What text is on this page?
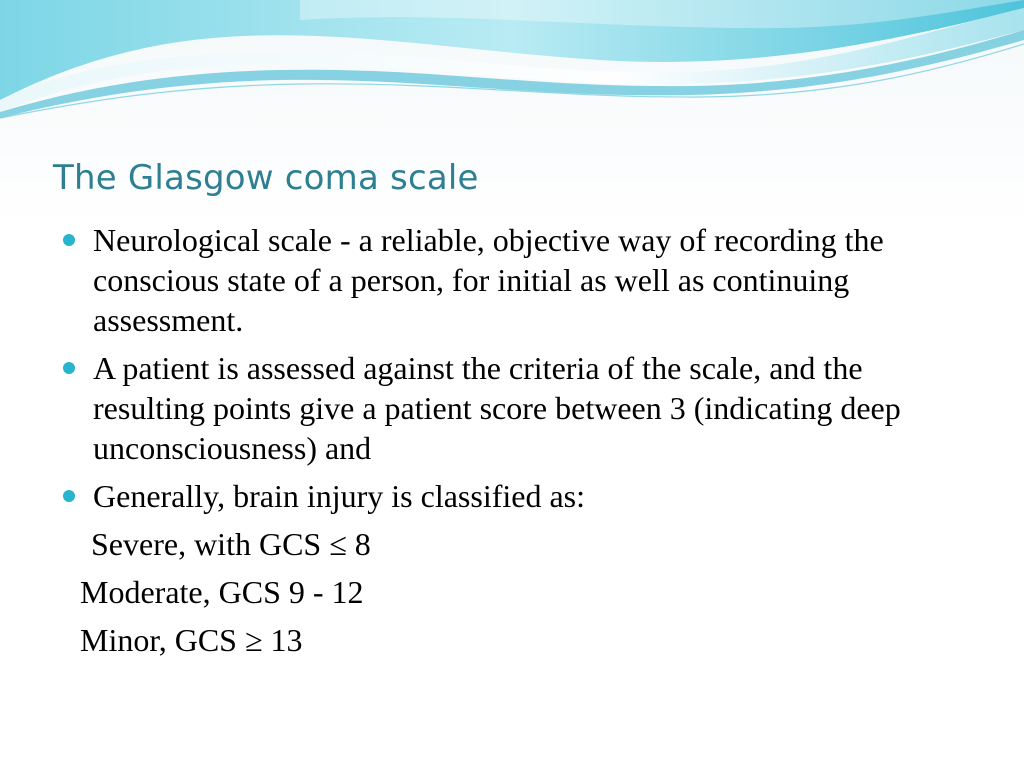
The Glasgow coma scale
Neurological scale - a reliable, objective way of recording the conscious state of a person, for initial as well as continuing assessment.
A patient is assessed against the criteria of the scale, and the resulting points give a patient score between 3 (indicating deep unconsciousness) and
Generally, brain injury is classified as:
Severe, with GCS ≤ 8
Moderate, GCS 9 - 12
Minor, GCS ≥ 13
